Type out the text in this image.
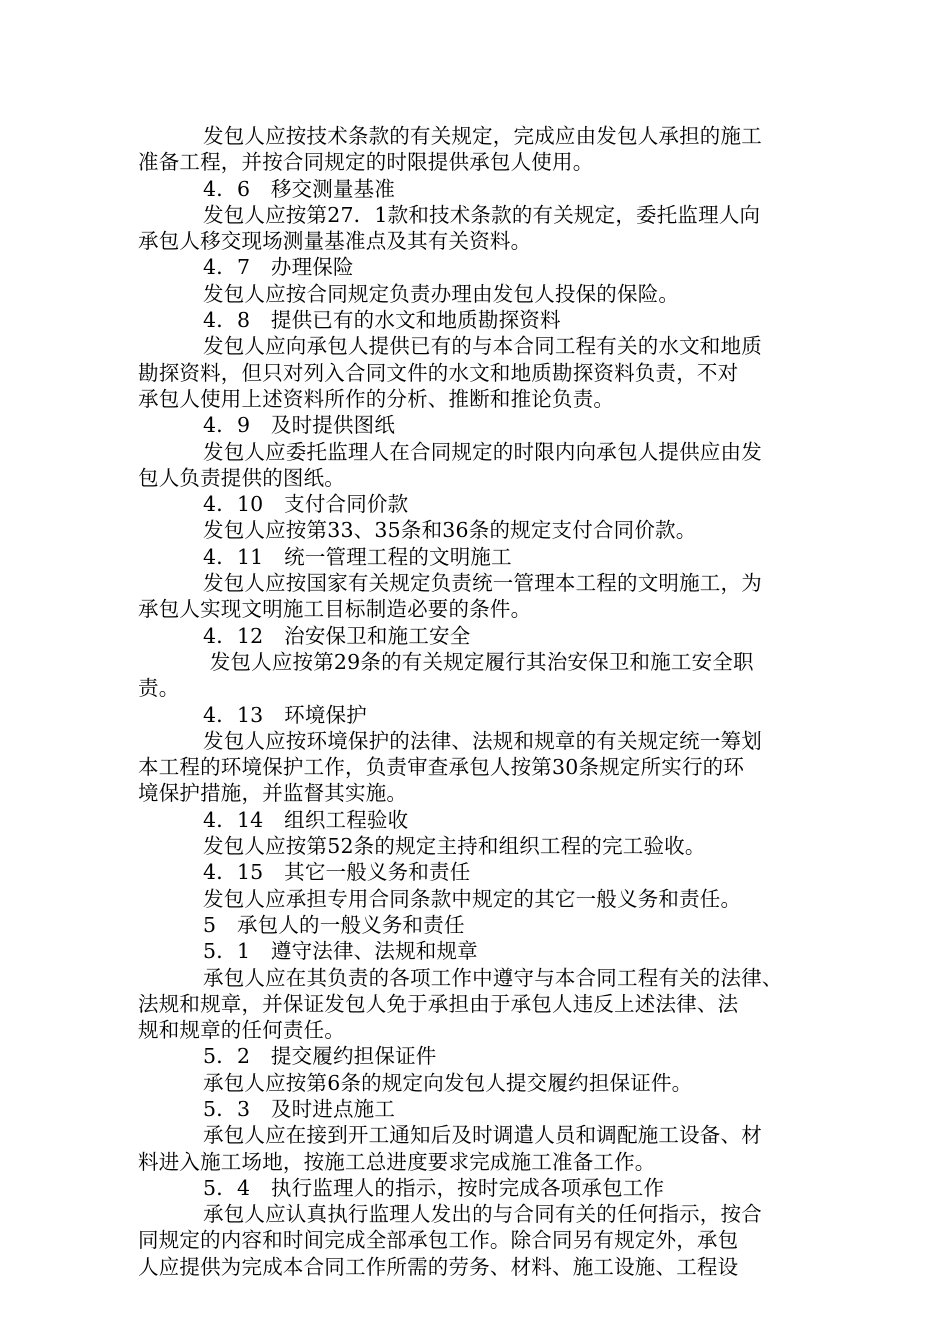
发包人应按技术条款的有关规定，完成应由发包人承担的施工
准备工程，并按合同规定的时限提供承包人使用。
4．6　移交测量基准
发包人应按第27．1款和技术条款的有关规定，委托监理人向
承包人移交现场测量基准点及其有关资料。
4．7　办理保险
发包人应按合同规定负责办理由发包人投保的保险。
4．8　提供已有的水文和地质勘探资料
发包人应向承包人提供已有的与本合同工程有关的水文和地质
勘探资料，但只对列入合同文件的水文和地质勘探资料负责，不对
承包人使用上述资料所作的分析、推断和推论负责。
4．9　及时提供图纸
发包人应委托监理人在合同规定的时限内向承包人提供应由发
包人负责提供的图纸。
4．10　支付合同价款
发包人应按第33、35条和36条的规定支付合同价款。
4．11　统一管理工程的文明施工
发包人应按国家有关规定负责统一管理本工程的文明施工，为
承包人实现文明施工目标制造必要的条件。
4．12　治安保卫和施工安全
发包人应按第29条的有关规定履行其治安保卫和施工安全职
责。
4．13　环境保护
发包人应按环境保护的法律、法规和规章的有关规定统一筹划
本工程的环境保护工作，负责审查承包人按第30条规定所实行的环
境保护措施，并监督其实施。
4．14　组织工程验收
发包人应按第52条的规定主持和组织工程的完工验收。
4．15　其它一般义务和责任
发包人应承担专用合同条款中规定的其它一般义务和责任。
5　承包人的一般义务和责任
5．1　遵守法律、法规和规章
承包人应在其负责的各项工作中遵守与本合同工程有关的法律、
法规和规章，并保证发包人免于承担由于承包人违反上述法律、法
规和规章的任何责任。
5．2　提交履约担保证件
承包人应按第6条的规定向发包人提交履约担保证件。
5．3　及时进点施工
承包人应在接到开工通知后及时调遣人员和调配施工设备、材
料进入施工场地，按施工总进度要求完成施工准备工作。
5．4　执行监理人的指示，按时完成各项承包工作
承包人应认真执行监理人发出的与合同有关的任何指示，按合
同规定的内容和时间完成全部承包工作。除合同另有规定外，承包
人应提供为完成本合同工作所需的劳务、材料、施工设施、工程设
